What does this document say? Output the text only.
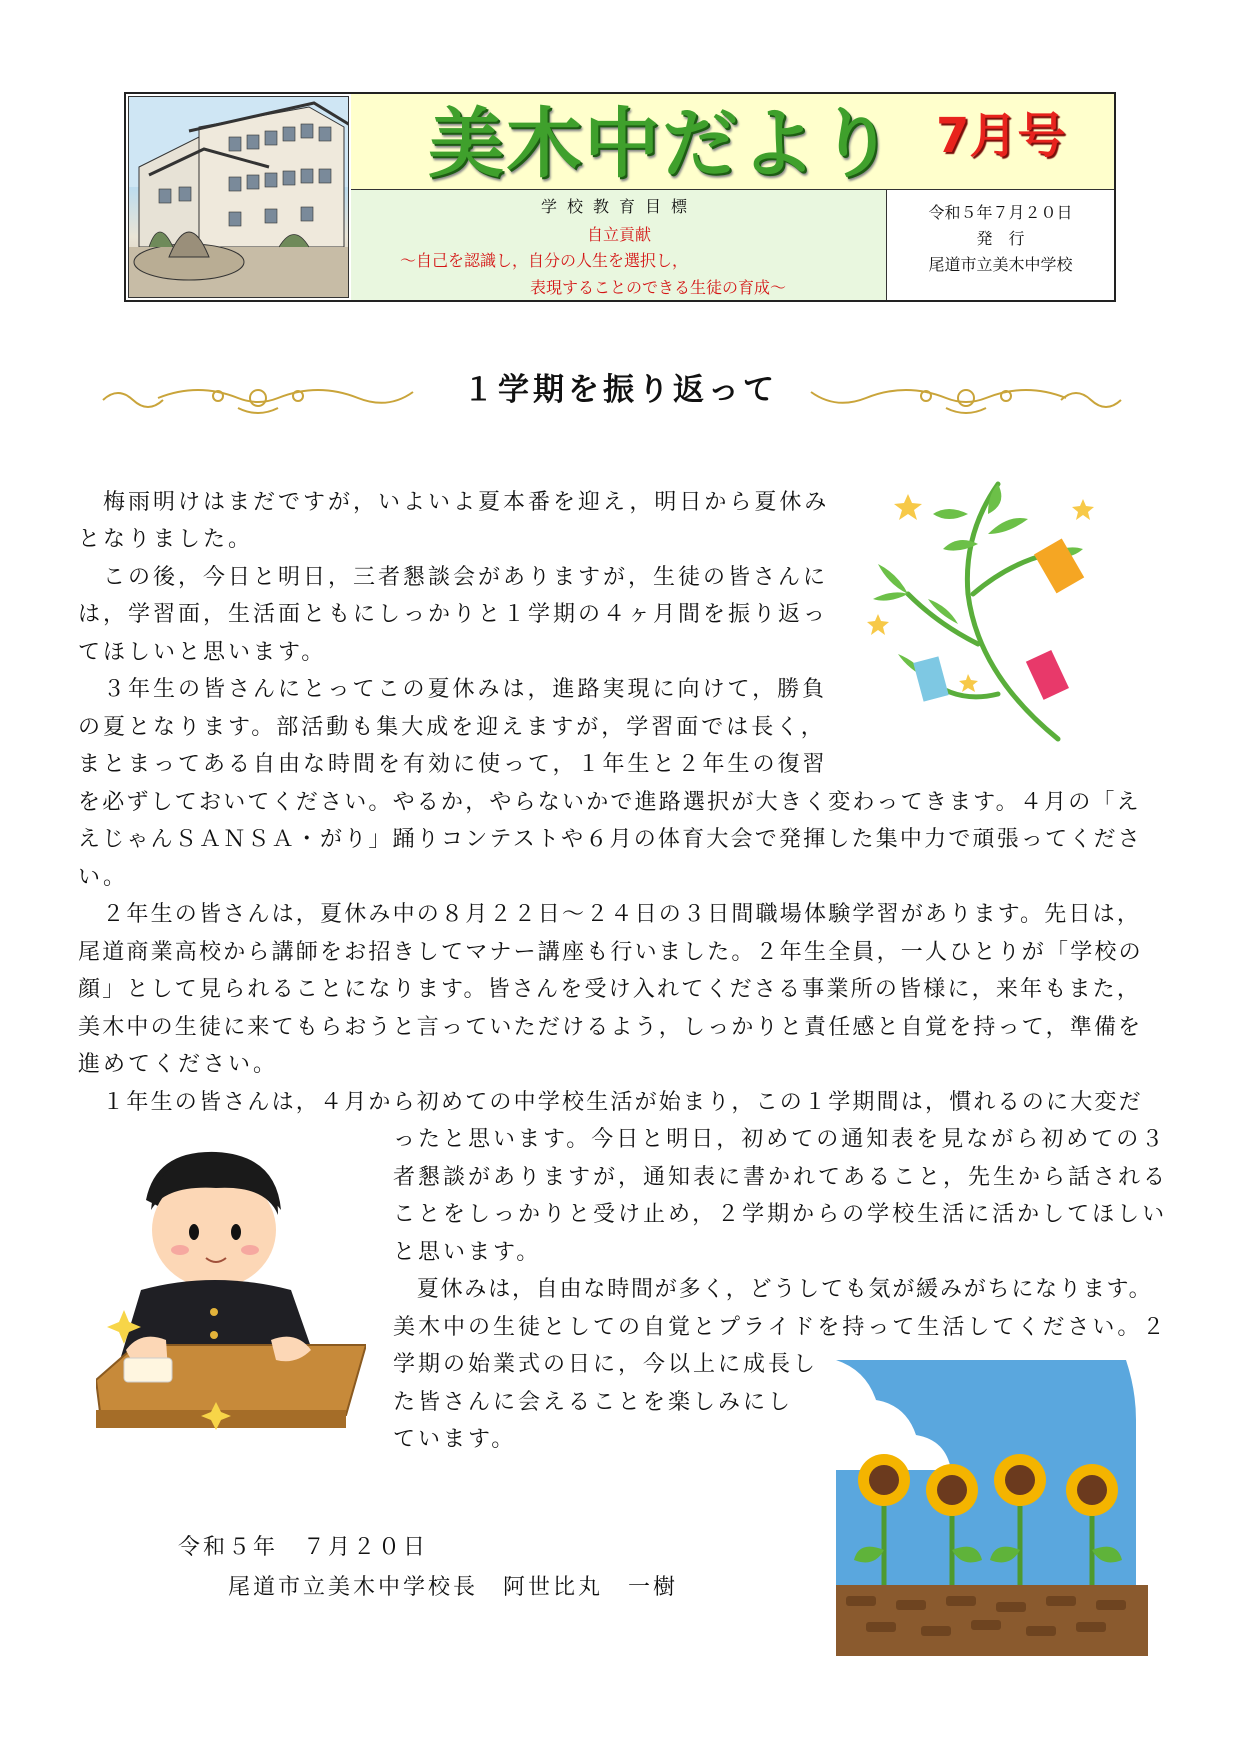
美木中だより 7月号
学校教育目標
自立貢献
～自己を認識し，自分の人生を選択し，
表現することのできる生徒の育成～
令和５年７月２０日
発　行
尾道市立美木中学校
１学期を振り返って
　梅雨明けはまだですが，いよいよ夏本番を迎え，明日から夏休み
となりました。
　この後，今日と明日，三者懇談会がありますが，生徒の皆さんに
は，学習面，生活面ともにしっかりと１学期の４ヶ月間を振り返っ
てほしいと思います。
　３年生の皆さんにとってこの夏休みは，進路実現に向けて，勝負
の夏となります。部活動も集大成を迎えますが，学習面では長く，
まとまってある自由な時間を有効に使って，１年生と２年生の復習
を必ずしておいてください。やるか，やらないかで進路選択が大きく変わってきます。４月の「え
えじゃんＳＡＮＳＡ・がり」踊りコンテストや６月の体育大会で発揮した集中力で頑張ってくださ
い。
　２年生の皆さんは，夏休み中の８月２２日～２４日の３日間職場体験学習があります。先日は，
尾道商業高校から講師をお招きしてマナー講座も行いました。２年生全員，一人ひとりが「学校の
顔」として見られることになります。皆さんを受け入れてくださる事業所の皆様に，来年もまた，
美木中の生徒に来てもらおうと言っていただけるよう，しっかりと責任感と自覚を持って，準備を
進めてください。
　１年生の皆さんは，４月から初めての中学校生活が始まり，この１学期間は，慣れるのに大変だ
ったと思います。今日と明日，初めての通知表を見ながら初めての３
者懇談がありますが，通知表に書かれてあること，先生から話される
ことをしっかりと受け止め，２学期からの学校生活に活かしてほしい
と思います。
　夏休みは，自由な時間が多く，どうしても気が緩みがちになります。
美木中の生徒としての自覚とプライドを持って生活してください。２
学期の始業式の日に，今以上に成長し
た皆さんに会えることを楽しみにし
ています。
令和５年　７月２０日
尾道市立美木中学校長　阿世比丸　一樹
